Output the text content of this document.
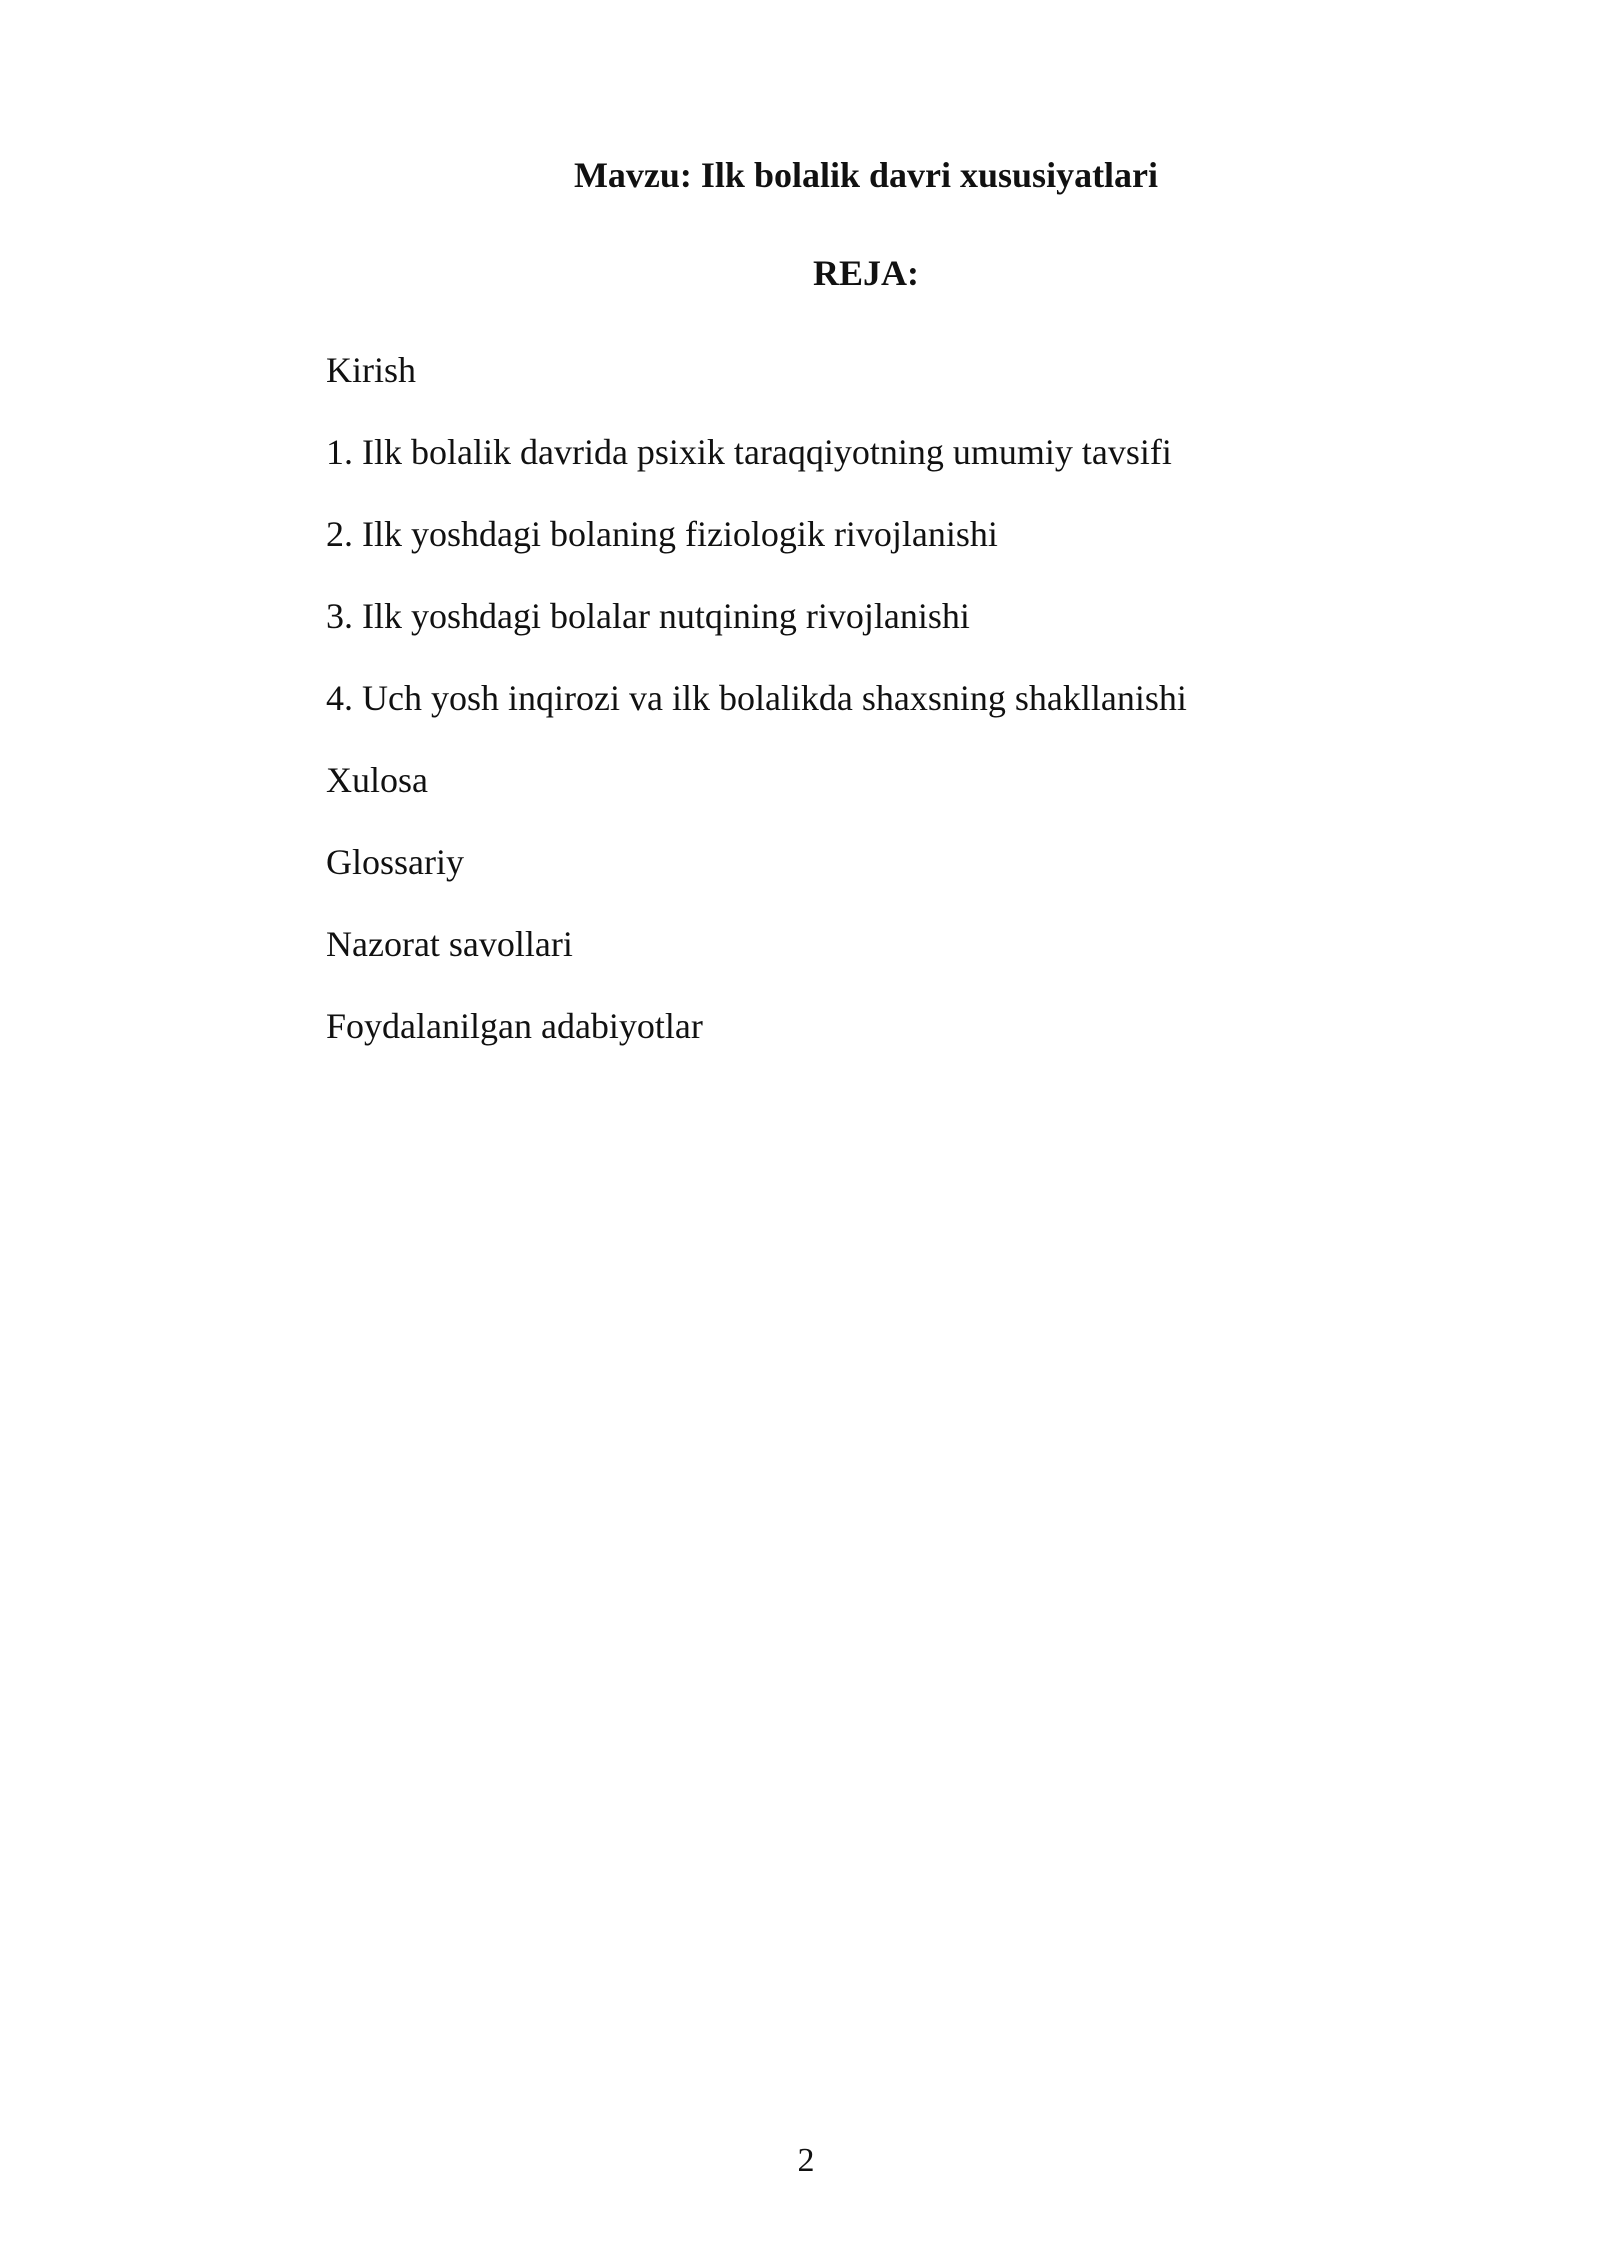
Mavzu: Ilk bolalik davri xususiyatlari
REJA:
Kirish
1. Ilk bolalik davrida psixik taraqqiyotning umumiy tavsifi
2. Ilk yoshdagi bolaning fiziologik rivojlanishi
3. Ilk yoshdagi bolalar nutqining rivojlanishi
4. Uch yosh inqirozi va ilk bolalikda shaxsning shakllanishi
Xulosa
Glossariy
Nazorat savollari
Foydalanilgan adabiyotlar
2
